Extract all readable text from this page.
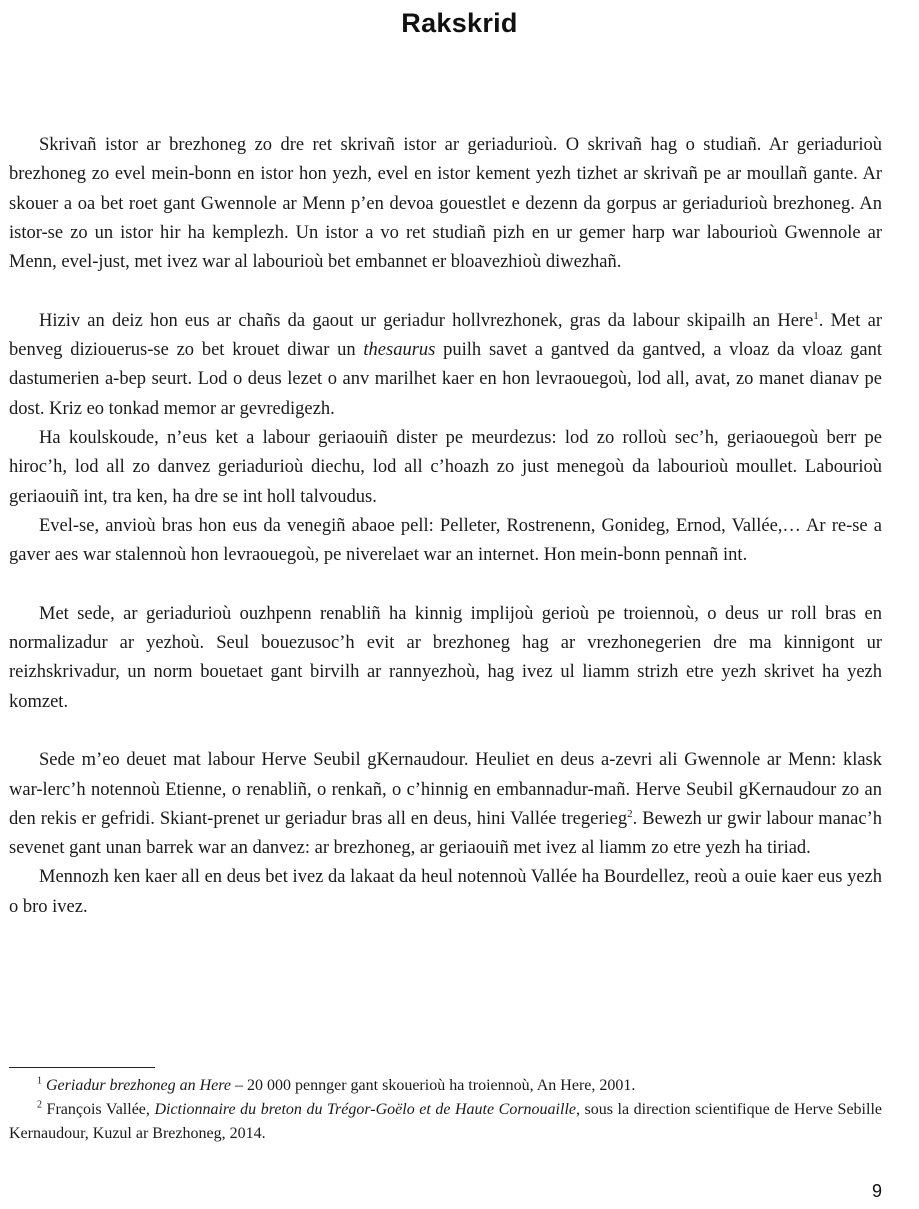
Rakskrid

Skrivañ istor ar brezhoneg zo dre ret skrivañ istor ar geriadurioù. O skrivañ hag o studiañ. Ar geriadurioù brezhoneg zo evel mein-bonn en istor hon yezh, evel en istor kement yezh tizhet ar skrivañ pe ar moullañ gante. Ar skouer a oa bet roet gant Gwennole ar Menn p’en devoa gouestlet e dezenn da gorpus ar geriadurioù brezhoneg. An istor-se zo un istor hir ha kemplezh. Un istor a vo ret studiañ pizh en ur gemer harp war labourioù Gwennole ar Menn, evel-just, met ivez war al labourioù bet embannet er bloavezhioù diwezhañ.

Hiziv an deiz hon eus ar chañs da gaout ur geriadur hollvrezhonek, gras da labour skipailh an Here$^1$. Met ar benveg diziouerus-se zo bet krouet diwar un thesaurus puilh savet a gantved da gantved, a vloaz da vloaz gant dastumerien a-bep seurt. Lod o deus lezet o anv marilhet kaer en hon levraouegoù, lod all, avat, zo manet dianav pe dost. Kriz eo tonkad memor ar gevredigezh.

Ha koulskoude, n’eus ket a labour geriaouiñ dister pe meurdezus: lod zo rolloù sec’h, geriaouegoù berr pe hiroc’h, lod all zo danvez geriadurioù diechu, lod all c’hoazh zo just menegoù da labourioù moullet. Labourioù geriaouiñ int, tra ken, ha dre se int holl talvoudus.

Evel-se, anvioù bras hon eus da venegiñ abaoe pell: Pelleter, Rostrenenn, Gonideg, Ernod, Vallée,… Ar re-se a gaver aes war stalennoù hon levraouegoù, pe niverelaet war an internet. Hon mein-bonn pennañ int.

Met sede, ar geriadurioù ouzhpenn renabliñ ha kinnig implijoù gerioù pe troiennoù, o deus ur roll bras en normalizadur ar yezhoù. Seul bouezusoc’h evit ar brezhoneg hag ar vrezhonegerien dre ma kinnigont ur reizhskrivadur, un norm bouetaet gant birvilh ar rannyezhoù, hag ivez ul liamm strizh etre yezh skrivet ha yezh komzet.

Sede m’eo deuet mat labour Herve Seubil gKernaudour. Heuliet en deus a-zevri ali Gwennole ar Menn: klask war-lerc’h notennoù Etienne, o renabliñ, o renkañ, o c’hinnig en embannadur-mañ. Herve Seubil gKernaudour zo an den rekis er gefridi. Skiant-prenet ur geriadur bras all en deus, hini Vallée tregerieg$^2$. Bewezh ur gwir labour manac’h sevenet gant unan barrek war an danvez: ar brezhoneg, ar geriaouiñ met ivez al liamm zo etre yezh ha tiriad.

Mennozh ken kaer all en deus bet ivez da lakaat da heul notennoù Vallée ha Bourdellez, reoù a ouie kaer eus yezh o bro ivez.

$^1$ Geriadur brezhoneg an Here – 20 000 pennger gant skouerioù ha troiennoù, An Here, 2001.

$^2$ François Vallée, Dictionnaire du breton du Trégor-Goëlo et de Haute Cornouaille, sous la direction scientifique de Herve Sebille Kernaudour, Kuzul ar Brezhoneg, 2014.

9
